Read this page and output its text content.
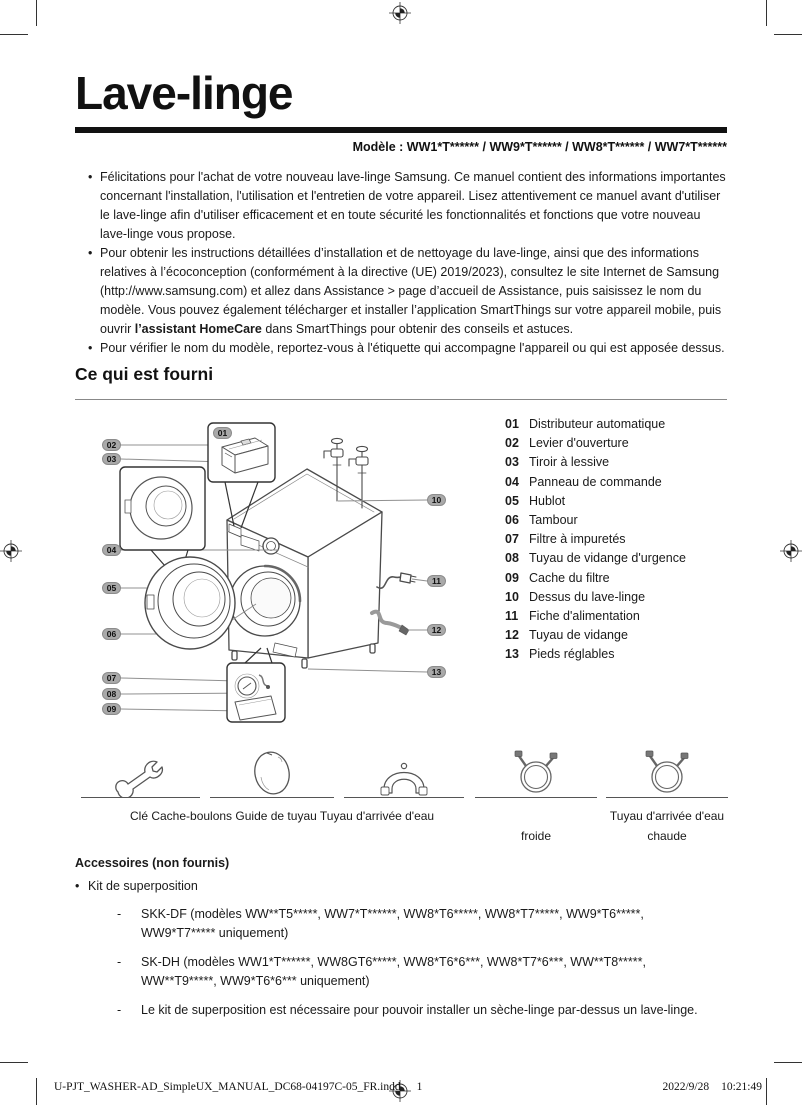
Lave-linge
Modèle : WW1*T****** / WW9*T****** / WW8*T****** / WW7*T******
• Félicitations pour l'achat de votre nouveau lave-linge Samsung. Ce manuel contient des informations importantes concernant l'installation, l'utilisation et l'entretien de votre appareil. Lisez attentivement ce manuel avant d'utiliser le lave-linge afin d'utiliser efficacement et en toute sécurité les fonctionnalités et fonctions que votre nouveau lave-linge vous propose.
• Pour obtenir les instructions détaillées d’installation et de nettoyage du lave-linge, ainsi que des informations relatives à l’écoconception (conformément à la directive (UE) 2019/2023), consultez le site Internet de Samsung (http://www.samsung.com) et allez dans Assistance > page d’accueil de Assistance, puis saisissez le nom du modèle. Vous pouvez également télécharger et installer l’application SmartThings sur votre appareil mobile, puis ouvrir l’assistant HomeCare dans SmartThings pour obtenir des conseils et astuces.
• Pour vérifier le nom du modèle, reportez-vous à l'étiquette qui accompagne l'appareil ou qui est apposée dessus.
Ce qui est fourni
01
02
03
04
05
06
07
08
09
10
11
12
13
01 Distributeur automatique
02 Levier d'ouverture
03 Tiroir à lessive
04 Panneau de commande
05 Hublot
06 Tambour
07 Filtre à impuretés
08 Tuyau de vidange d'urgence
09 Cache du filtre
10 Dessus du lave-linge
11 Fiche d'alimentation
12 Tuyau de vidange
13 Pieds réglables
Clé Cache-boulons Guide de tuyau Tuyau d'arrivée d'eau
froide
Tuyau d'arrivée d'eau
chaude
Accessoires (non fournis)
• Kit de superposition
- SKK-DF (modèles WW**T5*****, WW7*T******, WW8*T6*****, WW8*T7*****, WW9*T6*****, WW9*T7***** uniquement)
- SK-DH (modèles WW1*T******, WW8GT6*****, WW8*T6*6***, WW8*T7*6***, WW**T8*****, WW**T9*****, WW9*T6*6*** uniquement)
- Le kit de superposition est nécessaire pour pouvoir installer un sèche-linge par-dessus un lave-linge.
U-PJT_WASHER-AD_SimpleUX_MANUAL_DC68-04197C-05_FR.indd 1	2022/9/28 10:21:49
